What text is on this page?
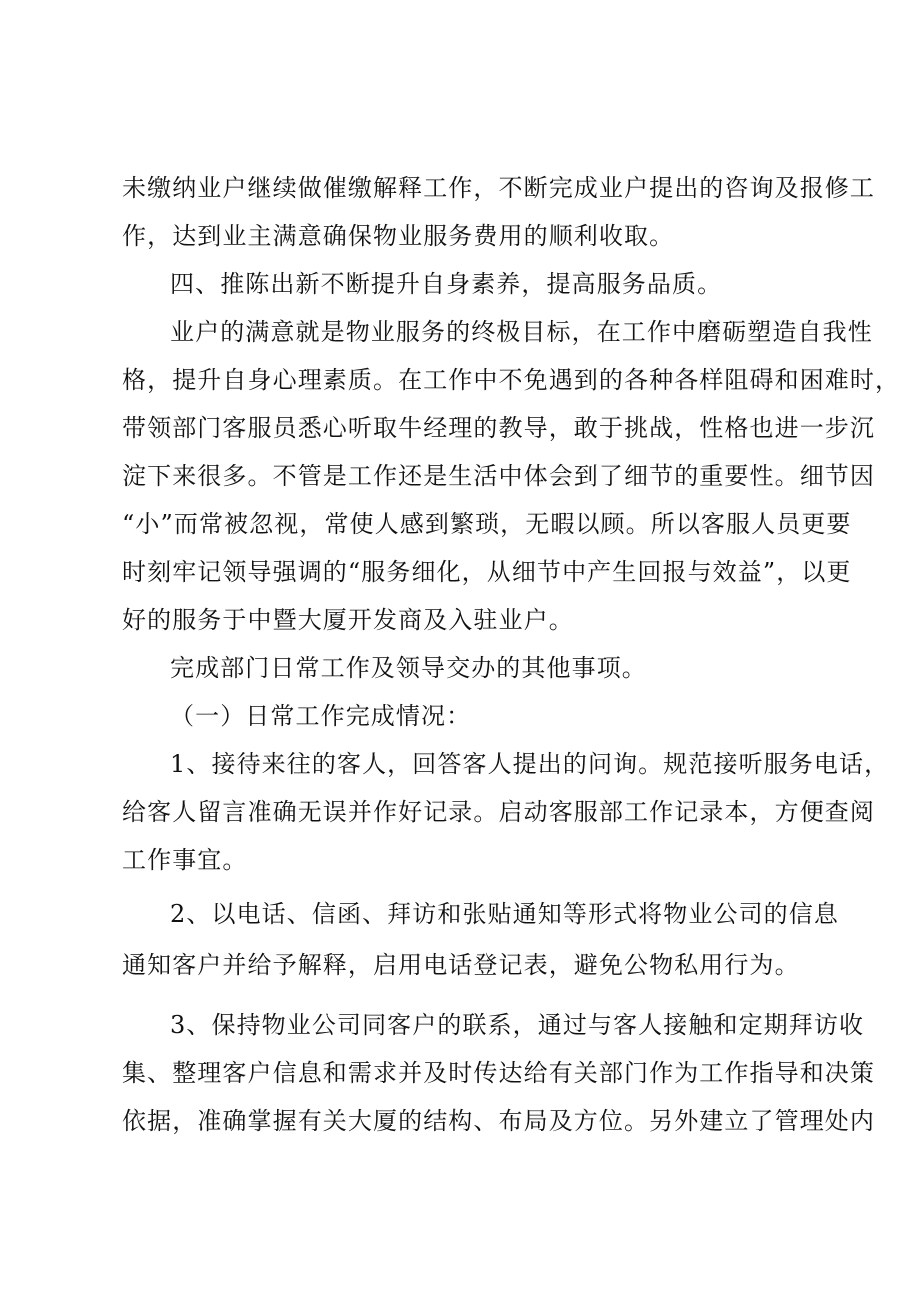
未缴纳业户继续做催缴解释工作，不断完成业户提出的咨询及报修工
作，达到业主满意确保物业服务费用的顺利收取。
四、推陈出新不断提升自身素养，提高服务品质。
业户的满意就是物业服务的终极目标，在工作中磨砺塑造自我性
格，提升自身心理素质。在工作中不免遇到的各种各样阻碍和困难时，
带领部门客服员悉心听取牛经理的教导，敢于挑战，性格也进一步沉
淀下来很多。不管是工作还是生活中体会到了细节的重要性。细节因
“小”而常被忽视，常使人感到繁琐，无暇以顾。所以客服人员更要
时刻牢记领导强调的“服务细化，从细节中产生回报与效益”，以更
好的服务于中暨大厦开发商及入驻业户。
完成部门日常工作及领导交办的其他事项。
（一）日常工作完成情况：
1、接待来往的客人，回答客人提出的问询。规范接听服务电话，
给客人留言准确无误并作好记录。启动客服部工作记录本，方便查阅
工作事宜。
2、以电话、信函、拜访和张贴通知等形式将物业公司的信息
通知客户并给予解释，启用电话登记表，避免公物私用行为。
3、保持物业公司同客户的联系，通过与客人接触和定期拜访收
集、整理客户信息和需求并及时传达给有关部门作为工作指导和决策
依据，准确掌握有关大厦的结构、布局及方位。另外建立了管理处内
